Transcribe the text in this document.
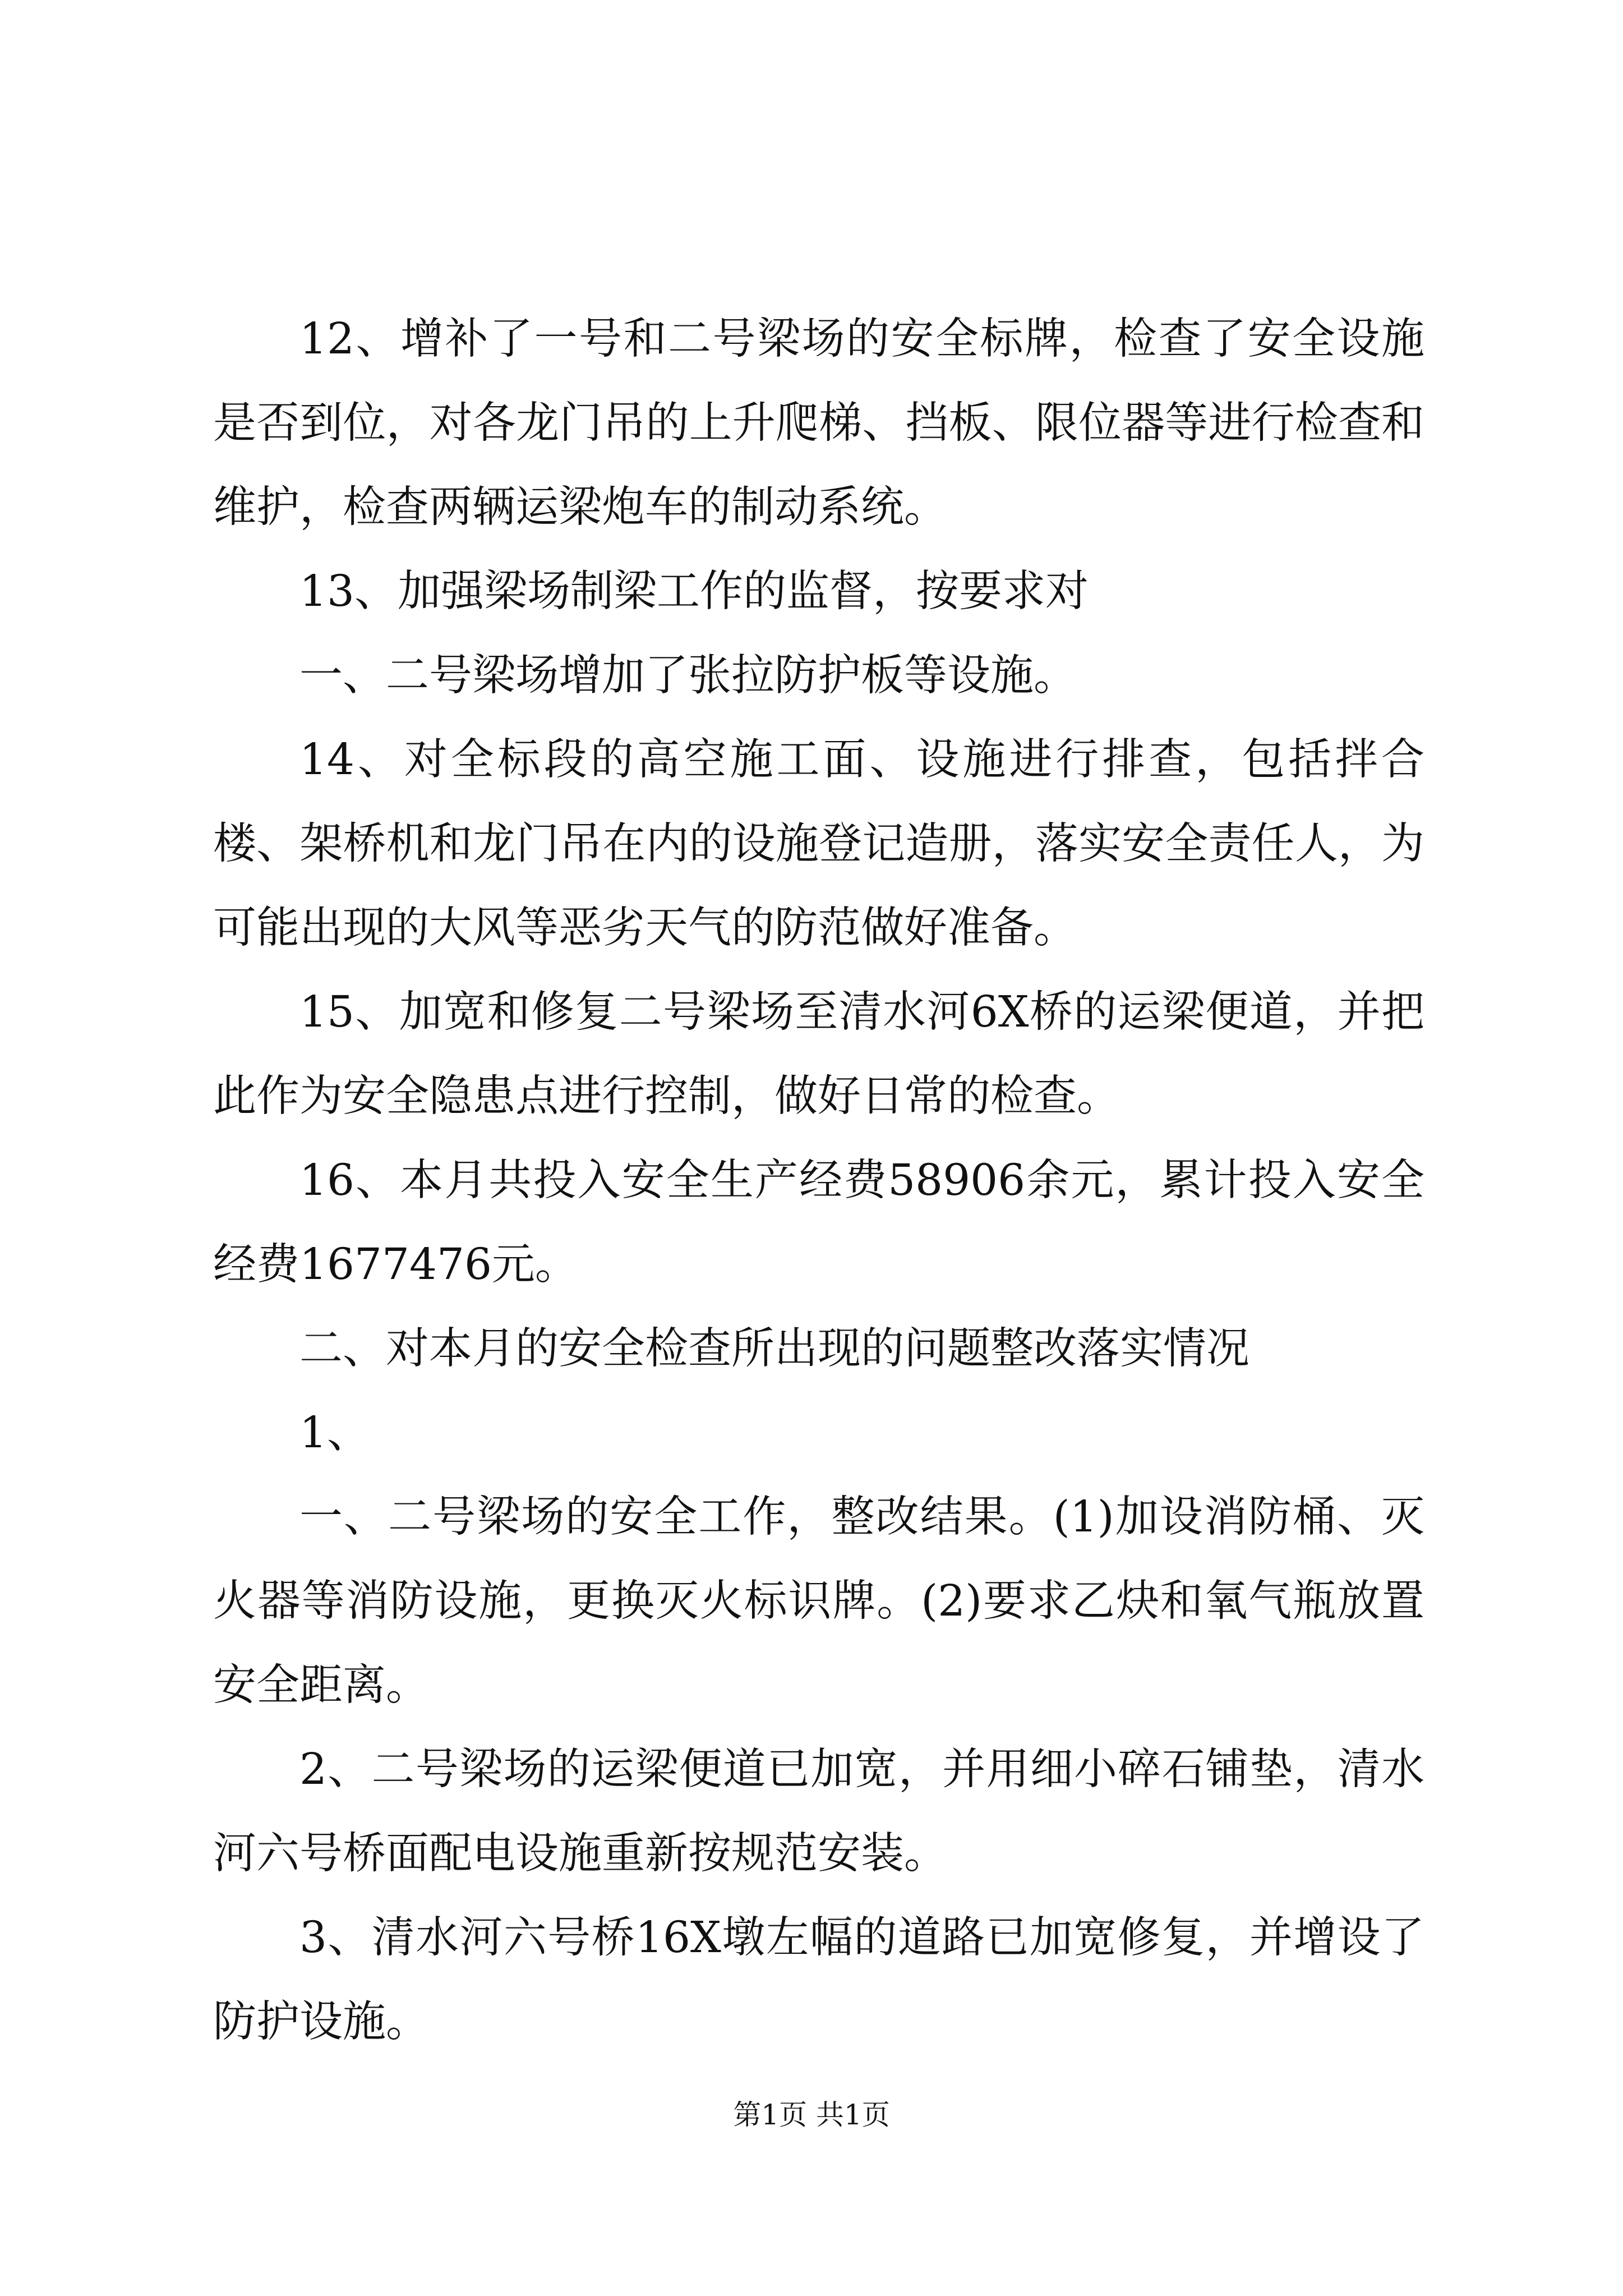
12、增补了一号和二号梁场的安全标牌，检查了安全设施是否到位，对各龙门吊的上升爬梯、挡板、限位器等进行检查和维护，检查两辆运梁炮车的制动系统。

13、加强梁场制梁工作的监督，按要求对

一、二号梁场增加了张拉防护板等设施。

14、对全标段的高空施工面、设施进行排查，包括拌合楼、架桥机和龙门吊在内的设施登记造册，落实安全责任人，为可能出现的大风等恶劣天气的防范做好准备。

15、加宽和修复二号梁场至清水河6X桥的运梁便道，并把此作为安全隐患点进行控制，做好日常的检查。

16、本月共投入安全生产经费58906余元，累计投入安全经费1677476元。

二、对本月的安全检查所出现的问题整改落实情况

1、

一、二号梁场的安全工作，整改结果。(1)加设消防桶、灭火器等消防设施，更换灭火标识牌。(2)要求乙炔和氧气瓶放置安全距离。

2、二号梁场的运梁便道已加宽，并用细小碎石铺垫，清水河六号桥面配电设施重新按规范安装。

3、清水河六号桥16X墩左幅的道路已加宽修复，并增设了防护设施。

第1页 共1页
